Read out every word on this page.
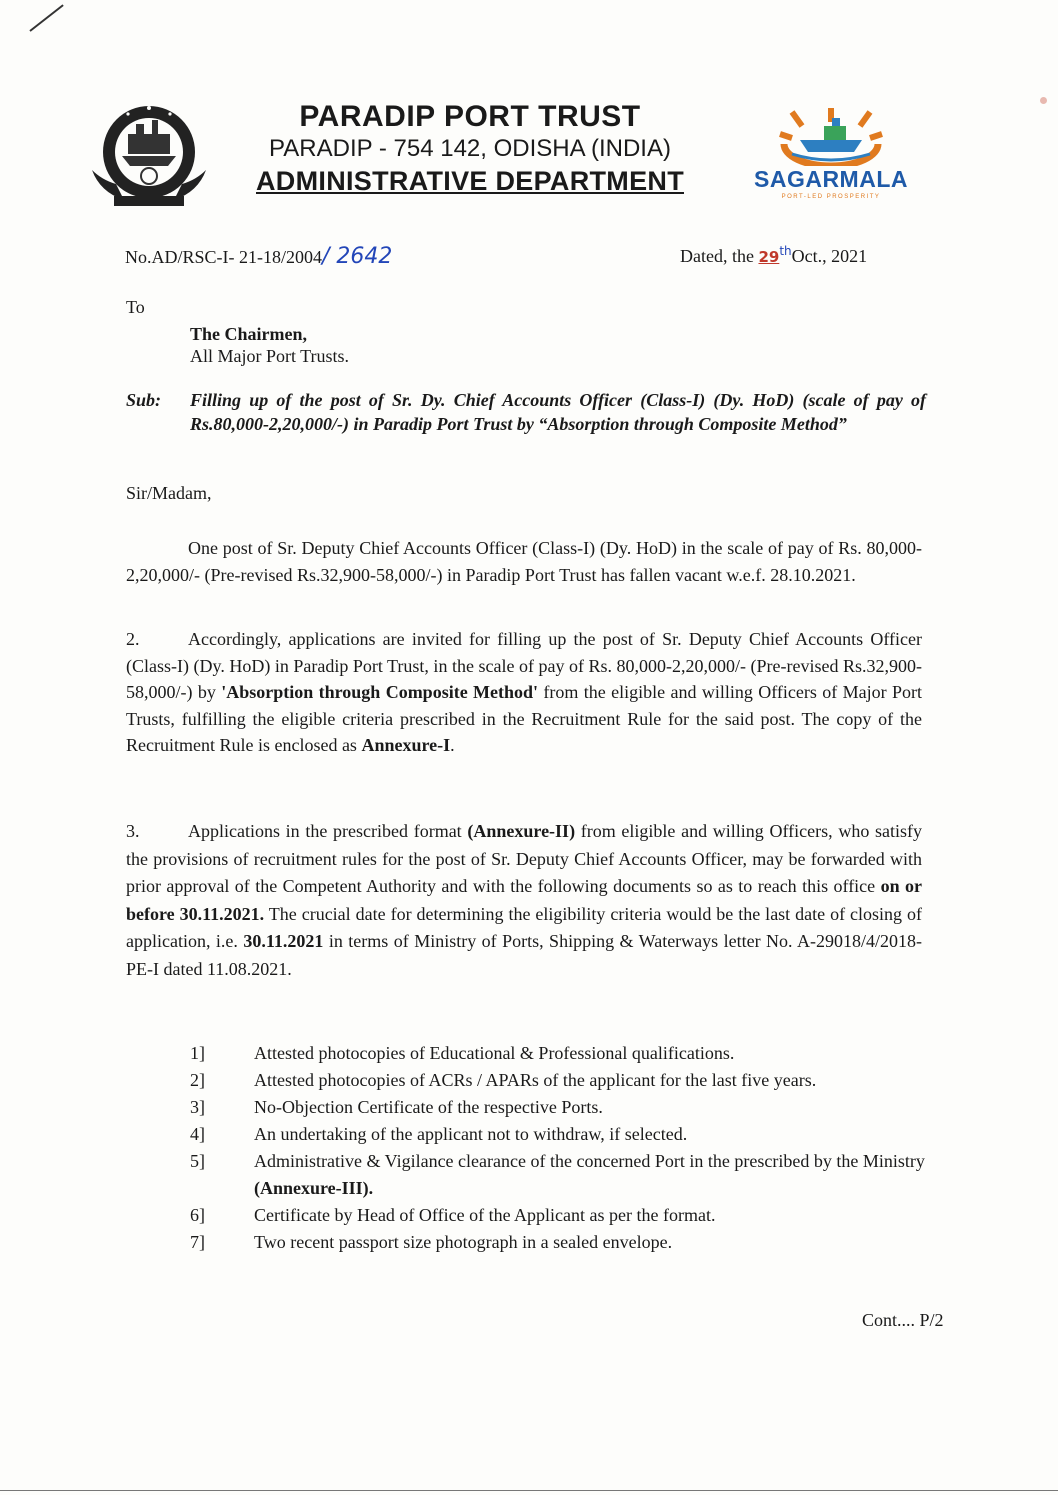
PARADIP PORT TRUST
PARADIP - 754 142, ODISHA (INDIA)
ADMINISTRATIVE DEPARTMENT	SAGARMALA
PORT-LED PROSPERITY
No.AD/RSC-I- 21-18/2004/ 2642	Dated, the 29thOct., 2021
To
The Chairmen,
All Major Port Trusts.
Sub: Filling up of the post of Sr. Dy. Chief Accounts Officer (Class-I) (Dy. HoD) (scale of pay of Rs.80,000-2,20,000/-) in Paradip Port Trust by “Absorption through Composite Method”
Sir/Madam,
One post of Sr. Deputy Chief Accounts Officer (Class-I) (Dy. HoD) in the scale of pay of Rs. 80,000-2,20,000/- (Pre-revised Rs.32,900-58,000/-) in Paradip Port Trust has fallen vacant w.e.f. 28.10.2021.
2.	Accordingly, applications are invited for filling up the post of Sr. Deputy Chief Accounts Officer (Class-I) (Dy. HoD) in Paradip Port Trust, in the scale of pay of Rs. 80,000-2,20,000/- (Pre-revised Rs.32,900-58,000/-) by 'Absorption through Composite Method' from the eligible and willing Officers of Major Port Trusts, fulfilling the eligible criteria prescribed in the Recruitment Rule for the said post. The copy of the Recruitment Rule is enclosed as Annexure-I.
3.	Applications in the prescribed format (Annexure-II) from eligible and willing Officers, who satisfy the provisions of recruitment rules for the post of Sr. Deputy Chief Accounts Officer, may be forwarded with prior approval of the Competent Authority and with the following documents so as to reach this office on or before 30.11.2021. The crucial date for determining the eligibility criteria would be the last date of closing of application, i.e. 30.11.2021 in terms of Ministry of Ports, Shipping & Waterways letter No. A-29018/4/2018-PE-I dated 11.08.2021.
1]	Attested photocopies of Educational & Professional qualifications.
2]	Attested photocopies of ACRs / APARs of the applicant for the last five years.
3]	No-Objection Certificate of the respective Ports.
4]	An undertaking of the applicant not to withdraw, if selected.
5]	Administrative & Vigilance clearance of the concerned Port in the prescribed by the Ministry (Annexure-III).
6]	Certificate by Head of Office of the Applicant as per the format.
7]	Two recent passport size photograph in a sealed envelope.
Cont.... P/2
